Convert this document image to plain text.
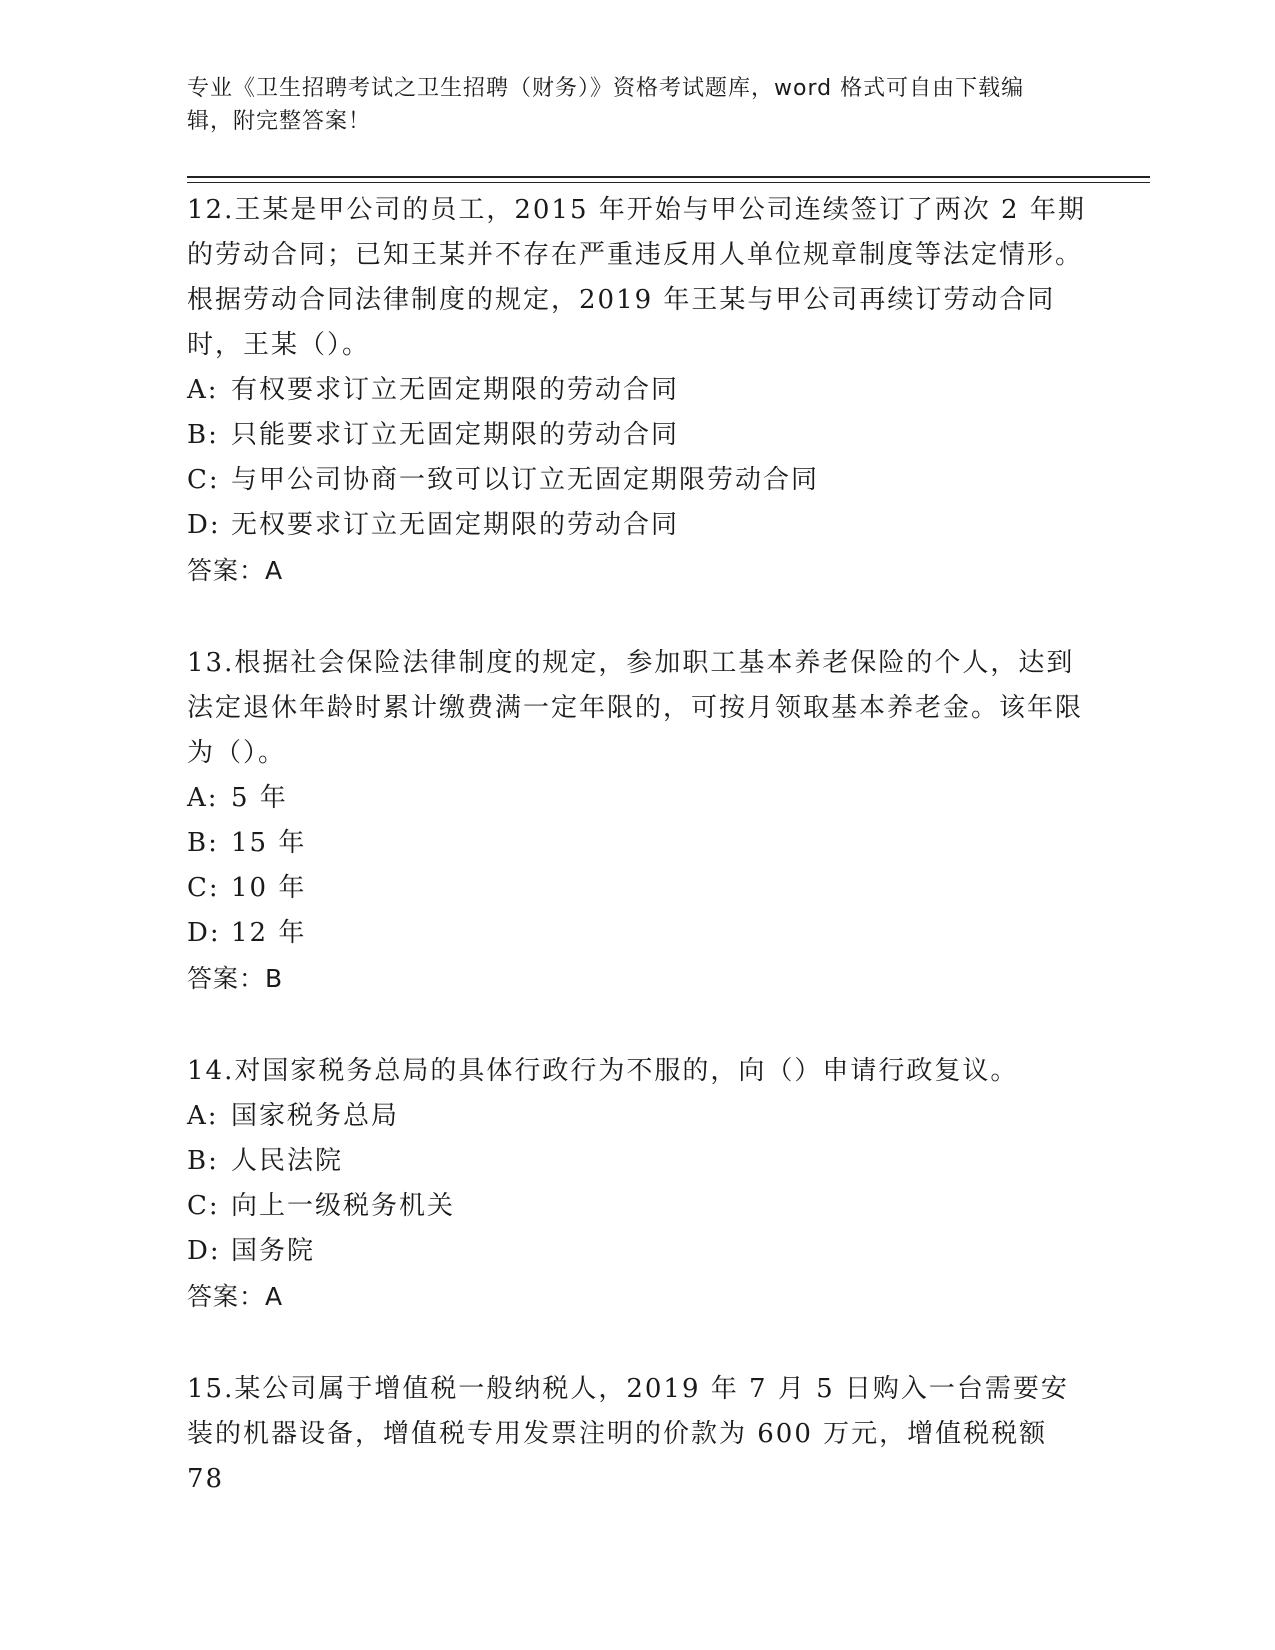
专业《卫生招聘考试之卫生招聘（财务）》资格考试题库，word 格式可自由下载编辑，附完整答案！

12.王某是甲公司的员工，2015 年开始与甲公司连续签订了两次 2 年期的劳动合同；已知王某并不存在严重违反用人单位规章制度等法定情形。根据劳动合同法律制度的规定，2019 年王某与甲公司再续订劳动合同时，王某（）。

A: 有权要求订立无固定期限的劳动合同

B: 只能要求订立无固定期限的劳动合同

C: 与甲公司协商一致可以订立无固定期限劳动合同

D: 无权要求订立无固定期限的劳动合同

答案：A

13.根据社会保险法律制度的规定，参加职工基本养老保险的个人，达到法定退休年龄时累计缴费满一定年限的，可按月领取基本养老金。该年限为（）。

A: 5 年

B: 15 年

C: 10 年

D: 12 年

答案：B

14.对国家税务总局的具体行政行为不服的，向（）申请行政复议。

A: 国家税务总局

B: 人民法院

C: 向上一级税务机关

D: 国务院

答案：A

15.某公司属于增值税一般纳税人，2019 年 7 月 5 日购入一台需要安装的机器设备，增值税专用发票注明的价款为 600 万元，增值税税额 78
